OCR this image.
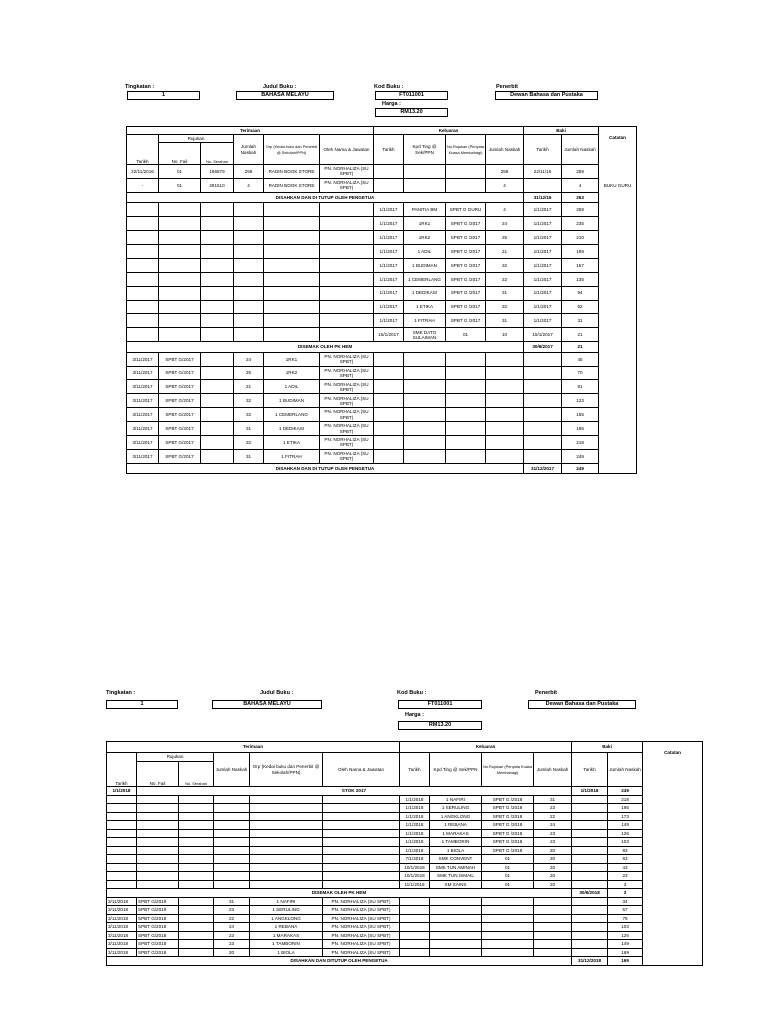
Tingkatan :
1
Judul Buku :
BAHASA MELAYU
Kod Buku :
FT011001
Harga :
RM13.20
Penerbit
Dewan Bahasa dan Pustaka
Terimaan						Keluaran				Baki		Catatan
Tarikh	Rujukan		Jumlah Naskah	Orp (Kedai buku dan Penerbit @ Sekolah/PPN)	Oleh Nama & Jawatan	Tarikh	Kpd Ting @ Sek/PPN	No.Rujukan (Penyata Kuasa Membahagi)	Jumlah Naskah	Tarikh	Jumlah Naskah	
	No. Fail	No. Serahan										
22/11/2016	01	186879	259	RADIN BOOK STORE	PN. NORHALIZA (SU SPBT)				259	22/11/16	259	
-	01	281510	4	RADIN BOOK STORE	PN. NORHALIZA (SU SPBT)				4		4	BUKU GURU
DISAHKAN DAN DI TUTUP OLEH PENGETUA										31/12/16	263	
						1/1/2017	PANITIA BM	SPBT G GURU	4	1/1/2017	259	
						1/1/2017	1RK1	SPBT G /2017	24	1/1/2017	235	
						1/1/2017	1RK2	SPBT G /2017	25	1/1/2017	210	
						1/1/2017	1 ADIL	SPBT G /2017	21	1/1/2017	189	
						1/1/2017	1 BUDIMAN	SPBT G /2017	32	1/1/2017	157	
						1/1/2017	1 CEMERLANG	SPBT G /2017	22	1/1/2017	135	
						1/1/2017	1 DEDIKASI	SPBT G /2017	31	1/1/2017	94	
						1/1/2017	1 ETIKA	SPBT G /2017	32	1/1/2017	62	
						1/1/2017	1 FITRAH	SPBT G /2017	31	1/1/2017	31	
						15/1/2017	SMK DATO SULAIMAN	01	10	15/1/2017	21	
DISEMAK OLEH PK HEM										30/6/2017	21	
3/11/2017	SPBT G/2017		24	1RK1	PN. NORHALIZA (SU SPBT)						45	
3/11/2017	SPBT G/2017		25	1RK2	PN. NORHALIZA (SU SPBT)						70	
3/11/2017	SPBT G/2017		21	1 ADIL	PN. NORHALIZA (SU SPBT)						91	
3/11/2017	SPBT G/2017		32	1 BUDIMAN	PN. NORHALIZA (SU SPBT)						123	
3/11/2017	SPBT G/2017		32	1 CEMERLANG	PN. NORHALIZA (SU SPBT)						155	
3/11/2017	SPBT G/2017		31	1 DEDIKASI	PN. NORHALIZA (SU SPBT)						186	
3/11/2017	SPBT G/2017		32	1 ETIKA	PN. NORHALIZA (SU SPBT)						218	
3/11/2017	SPBT G/2017		31	1 FITRAH	PN. NORHALIZA (SU SPBT)						249	
DISAHKAN DAN DI TUTUP OLEH PENGETUA										31/12/2017	249	
Tingkatan :
1
Judul Buku :
BAHASA MELAYU
Kod Buku :
FT011001
Harga :
RM13.20
Penerbit
Dewan Bahasa dan Pustaka
Terimaan						Keluaran				Baki		Catatan
Tarikh	Rujukan		Jumlah Naskah	Orp (Kedai buku dan Penerbit @ Sekolah/PPN)	Oleh Nama & Jawatan	Tarikh	Kpd Ting @ Sek/PPN	No.Rujukan (Penyata Kuasa Membahagi)	Jumlah Naskah	Tarikh	Jumlah Naskah	
	No. Fail	No. Serahan										
1/1/2018	STOK 2017									1/1/2018	249	
						1/1/2018	1 NAFIRI	SPBT G /2018	31		218	
						1/1/2018	1 SERULING	SPBT G /2018	23		195	
						1/1/2018	1 ANGKLONG	SPBT G /2018	22		173	
						1/1/2018	1 REBANA	SPBT G /2018	24		149	
						1/1/2018	1 MARAKAS	SPBT G /2018	23		126	
						1/1/2018	1 TAMBORIN	SPBT G /2018	23		103	
						1/1/2018	1 BIOLA	SPBT G /2018	20		83	
						7/1/2018	SMK CONVENT	01	20		63	
						10/1/2018	SMK TUN AMINAH	01	20		43	
						10/1/2018	SMK TUN ISMAIL	01	20		23	
						11/1/2018	SM SAINS	01	20		3	
DISEMAK OLEH PK HEM										30/6/2018	3	
3/11/2018	SPBT G/2018		31	1 NAFIRI	PN. NORHALIZA (SU SPBT)						34	
3/11/2018	SPBT G/2018		23	1 SERULING	PN. NORHALIZA (SU SPBT)						57	
3/11/2018	SPBT G/2018		22	1 ANGKLONG	PN. NORHALIZA (SU SPBT)						79	
3/11/2018	SPBT G/2018		24	1 REBANA	PN. NORHALIZA (SU SPBT)						103	
3/11/2018	SPBT G/2018		23	1 MARAKAS	PN. NORHALIZA (SU SPBT)						126	
3/11/2018	SPBT G/2018		23	1 TAMBORIN	PN. NORHALIZA (SU SPBT)						149	
3/11/2018	SPBT G/2018		20	1 BIOLA	PN. NORHALIZA (SU SPBT)						169	
DISAHKAN DAN DITUTUP OLEH PENGETUA										31/12/2018	169	
